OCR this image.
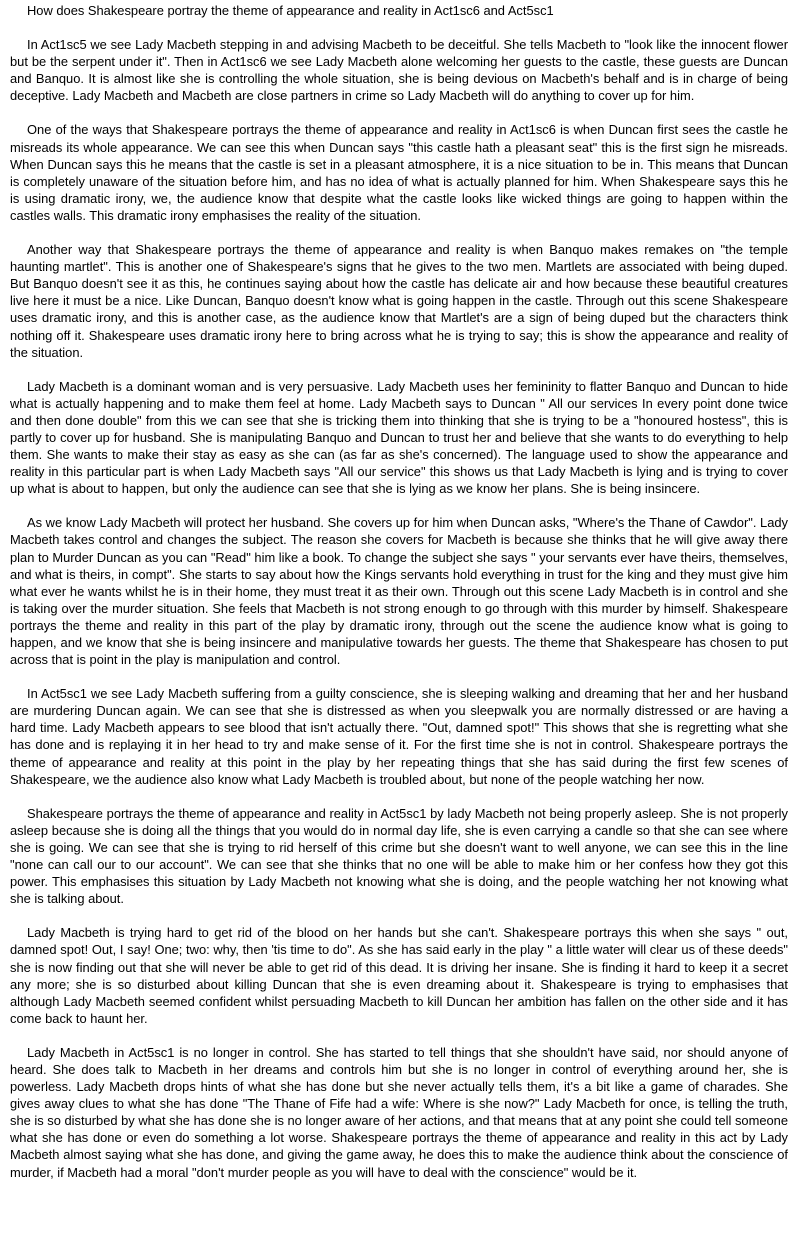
How does Shakespeare portray the theme of appearance and reality in Act1sc6 and Act5sc1

In Act1sc5 we see Lady Macbeth stepping in and advising Macbeth to be deceitful. She tells Macbeth to "look like the innocent flower but be the serpent under it". Then in Act1sc6 we see Lady Macbeth alone welcoming her guests to the castle, these guests are Duncan and Banquo. It is almost like she is controlling the whole situation, she is being devious on Macbeth's behalf and is in charge of being deceptive. Lady Macbeth and Macbeth are close partners in crime so Lady Macbeth will do anything to cover up for him.

One of the ways that Shakespeare portrays the theme of appearance and reality in Act1sc6 is when Duncan first sees the castle he misreads its whole appearance. We can see this when Duncan says "this castle hath a pleasant seat" this is the first sign he misreads. When Duncan says this he means that the castle is set in a pleasant atmosphere, it is a nice situation to be in. This means that Duncan is completely unaware of the situation before him, and has no idea of what is actually planned for him. When Shakespeare says this he is using dramatic irony, we, the audience know that despite what the castle looks like wicked things are going to happen within the castles walls. This dramatic irony emphasises the reality of the situation.

Another way that Shakespeare portrays the theme of appearance and reality is when Banquo makes remakes on "the temple haunting martlet". This is another one of Shakespeare's signs that he gives to the two men. Martlets are associated with being duped. But Banquo doesn't see it as this, he continues saying about how the castle has delicate air and how because these beautiful creatures live here it must be a nice. Like Duncan, Banquo doesn't know what is going happen in the castle. Through out this scene Shakespeare uses dramatic irony, and this is another case, as the audience know that Martlet's are a sign of being duped but the characters think nothing off it. Shakespeare uses dramatic irony here to bring across what he is trying to say; this is show the appearance and reality of the situation.

Lady Macbeth is a dominant woman and is very persuasive. Lady Macbeth uses her femininity to flatter Banquo and Duncan to hide what is actually happening and to make them feel at home. Lady Macbeth says to Duncan " All our services In every point done twice and then done double" from this we can see that she is tricking them into thinking that she is trying to be a "honoured hostess", this is partly to cover up for husband. She is manipulating Banquo and Duncan to trust her and believe that she wants to do everything to help them. She wants to make their stay as easy as she can (as far as she's concerned). The language used to show the appearance and reality in this particular part is when Lady Macbeth says "All our service" this shows us that Lady Macbeth is lying and is trying to cover up what is about to happen, but only the audience can see that she is lying as we know her plans. She is being insincere.

As we know Lady Macbeth will protect her husband. She covers up for him when Duncan asks, "Where's the Thane of Cawdor". Lady Macbeth takes control and changes the subject. The reason she covers for Macbeth is because she thinks that he will give away there plan to Murder Duncan as you can "Read" him like a book. To change the subject she says " your servants ever have theirs, themselves, and what is theirs, in compt". She starts to say about how the Kings servants hold everything in trust for the king and they must give him what ever he wants whilst he is in their home, they must treat it as their own. Through out this scene Lady Macbeth is in control and she is taking over the murder situation. She feels that Macbeth is not strong enough to go through with this murder by himself. Shakespeare portrays the theme and reality in this part of the play by dramatic irony, through out the scene the audience know what is going to happen, and we know that she is being insincere and manipulative towards her guests. The theme that Shakespeare has chosen to put across that is point in the play is manipulation and control.

In Act5sc1 we see Lady Macbeth suffering from a guilty conscience, she is sleeping walking and dreaming that her and her husband are murdering Duncan again. We can see that she is distressed as when you sleepwalk you are normally distressed or are having a hard time. Lady Macbeth appears to see blood that isn't actually there. "Out, damned spot!" This shows that she is regretting what she has done and is replaying it in her head to try and make sense of it. For the first time she is not in control. Shakespeare portrays the theme of appearance and reality at this point in the play by her repeating things that she has said during the first few scenes of Shakespeare, we the audience also know what Lady Macbeth is troubled about, but none of the people watching her now.

Shakespeare portrays the theme of appearance and reality in Act5sc1 by lady Macbeth not being properly asleep. She is not properly asleep because she is doing all the things that you would do in normal day life, she is even carrying a candle so that she can see where she is going. We can see that she is trying to rid herself of this crime but she doesn't want to well anyone, we can see this in the line "none can call our to our account". We can see that she thinks that no one will be able to make him or her confess how they got this power. This emphasises this situation by Lady Macbeth not knowing what she is doing, and the people watching her not knowing what she is talking about.

Lady Macbeth is trying hard to get rid of the blood on her hands but she can't. Shakespeare portrays this when she says " out, damned spot! Out, I say! One; two: why, then 'tis time to do". As she has said early in the play " a little water will clear us of these deeds" she is now finding out that she will never be able to get rid of this dead. It is driving her insane. She is finding it hard to keep it a secret any more; she is so disturbed about killing Duncan that she is even dreaming about it. Shakespeare is trying to emphasises that although Lady Macbeth seemed confident whilst persuading Macbeth to kill Duncan her ambition has fallen on the other side and it has come back to haunt her.

Lady Macbeth in Act5sc1 is no longer in control. She has started to tell things that she shouldn't have said, nor should anyone of heard. She does talk to Macbeth in her dreams and controls him but she is no longer in control of everything around her, she is powerless. Lady Macbeth drops hints of what she has done but she never actually tells them, it's a bit like a game of charades. She gives away clues to what she has done "The Thane of Fife had a wife: Where is she now?" Lady Macbeth for once, is telling the truth, she is so disturbed by what she has done she is no longer aware of her actions, and that means that at any point she could tell someone what she has done or even do something a lot worse. Shakespeare portrays the theme of appearance and reality in this act by Lady Macbeth almost saying what she has done, and giving the game away, he does this to make the audience think about the conscience of murder, if Macbeth had a moral "don't murder people as you will have to deal with the conscience" would be it.
